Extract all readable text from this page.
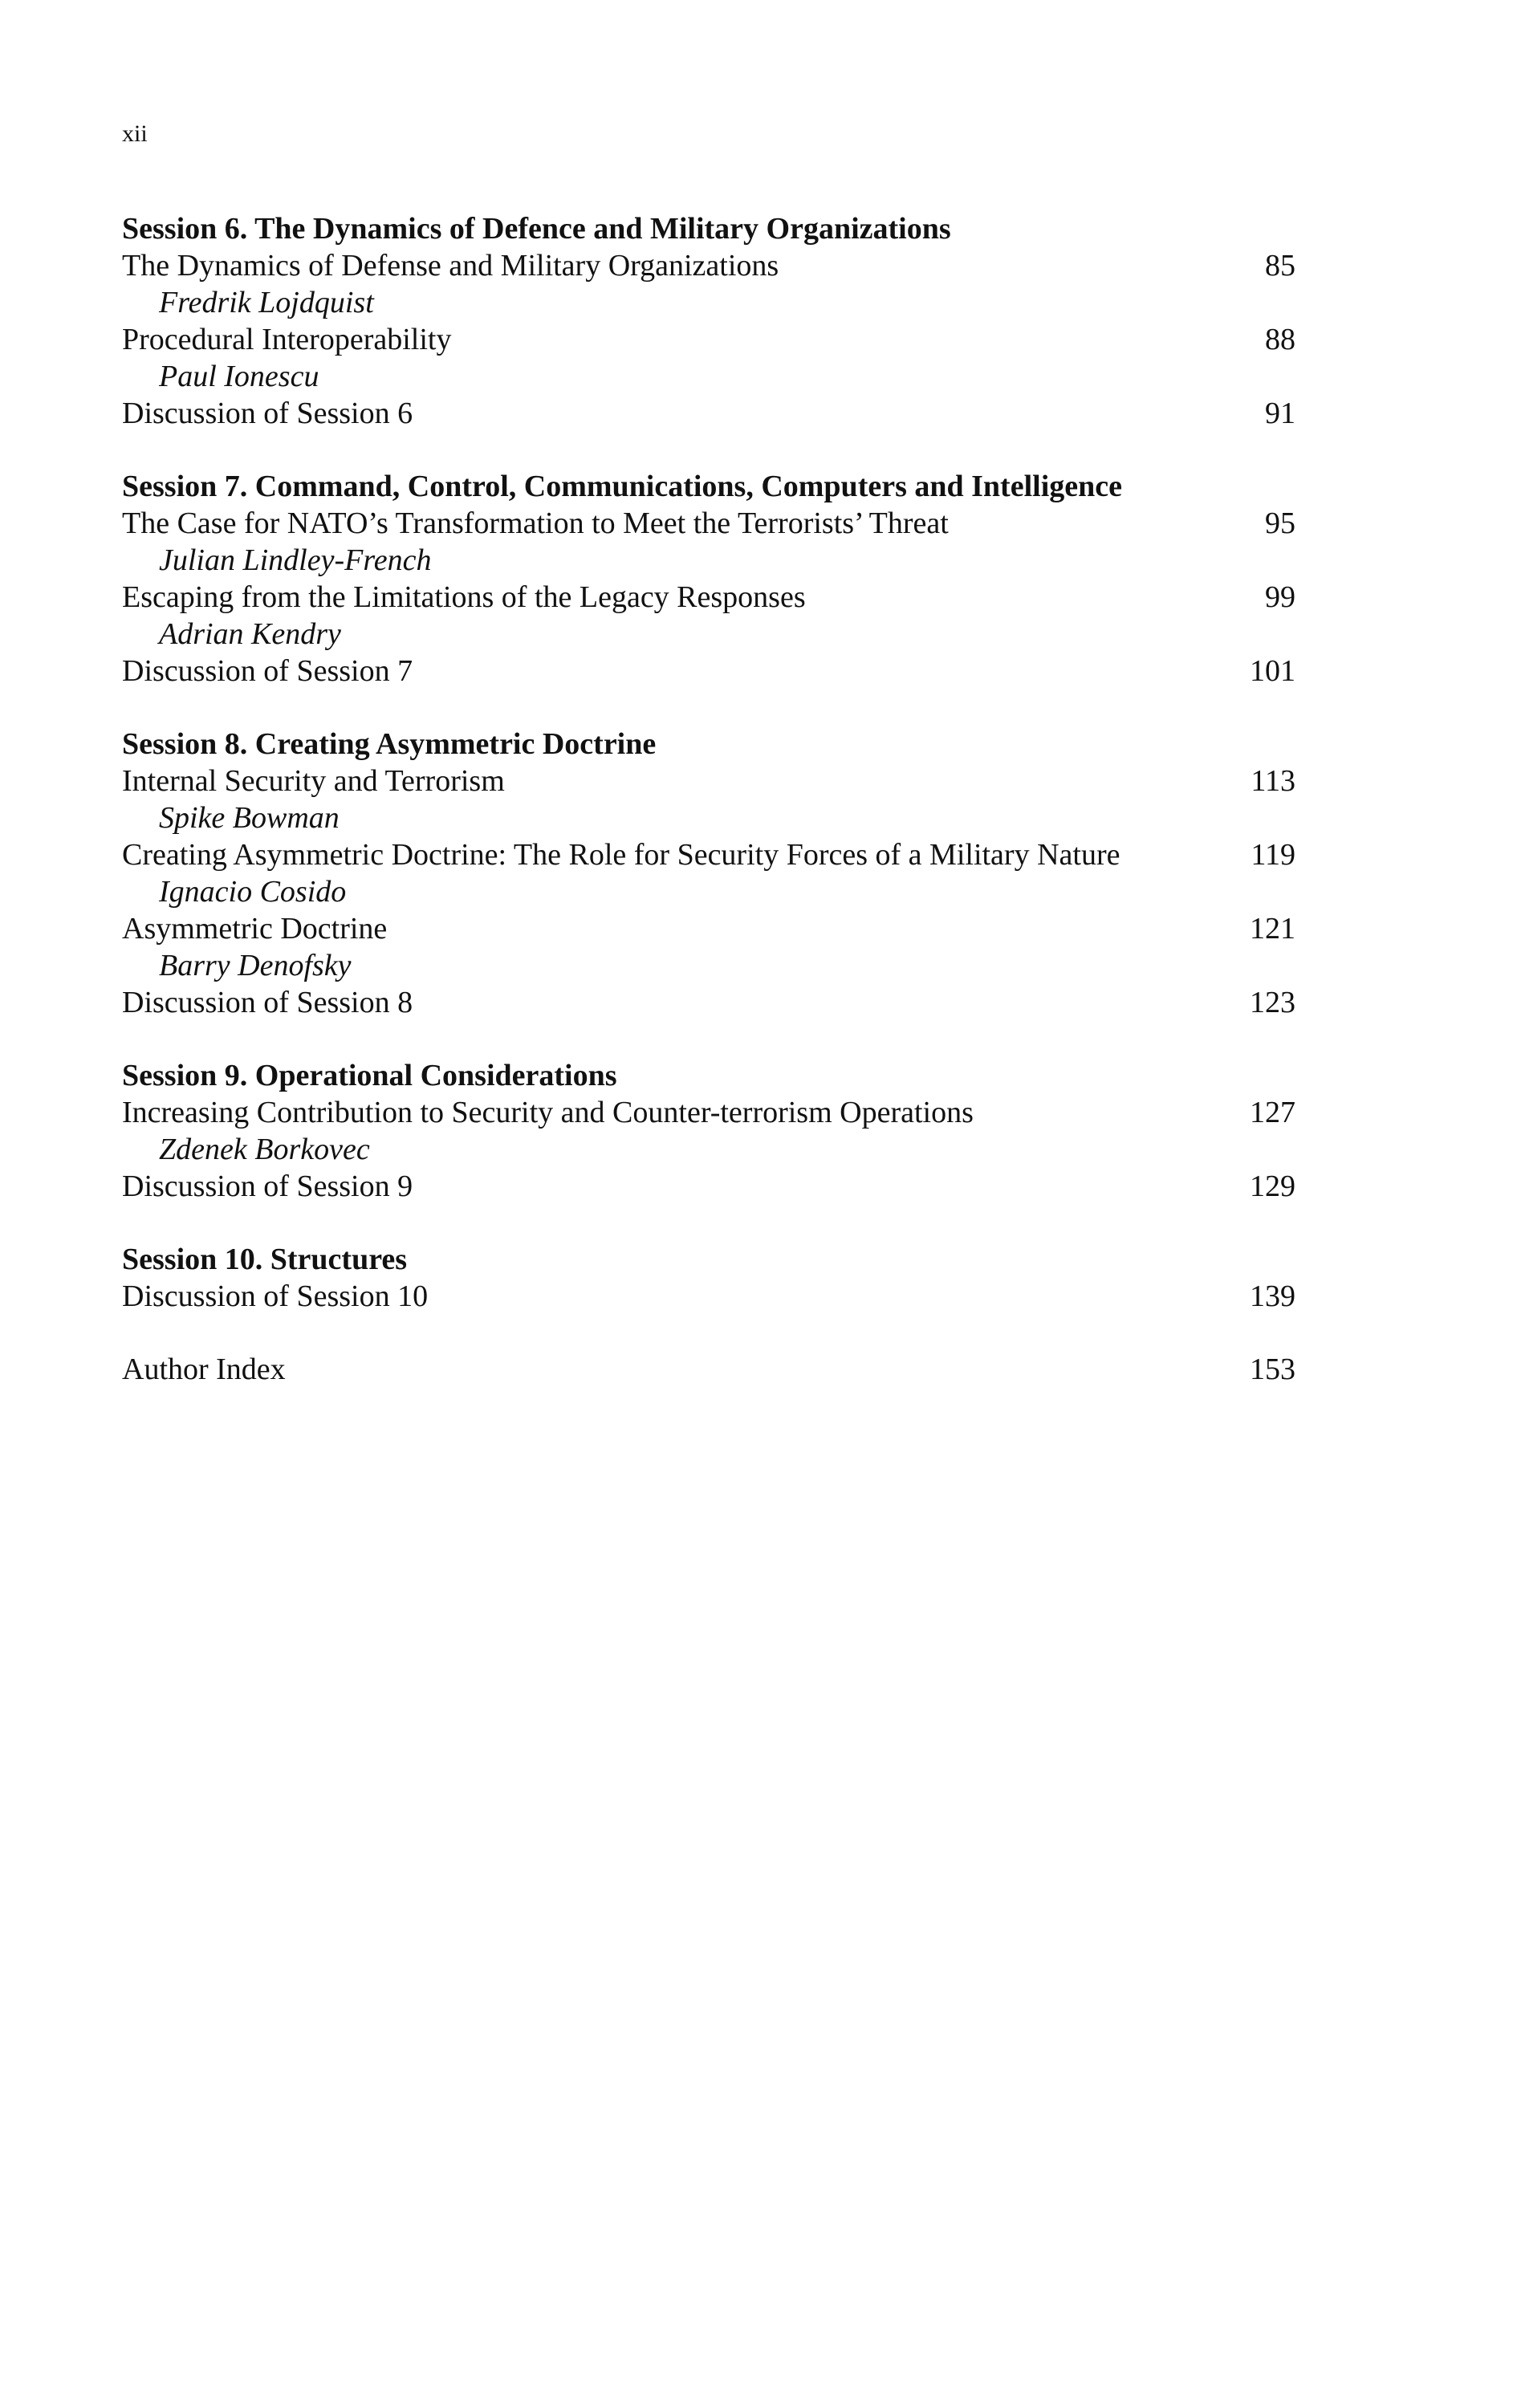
xii
Session 6. The Dynamics of Defence and Military Organizations
The Dynamics of Defense and Military Organizations	85
Fredrik Lojdquist
Procedural Interoperability	88
Paul Ionescu
Discussion of Session 6	91
Session 7. Command, Control, Communications, Computers and Intelligence
The Case for NATO’s Transformation to Meet the Terrorists’ Threat	95
Julian Lindley-French
Escaping from the Limitations of the Legacy Responses	99
Adrian Kendry
Discussion of Session 7	101
Session 8. Creating Asymmetric Doctrine
Internal Security and Terrorism	113
Spike Bowman
Creating Asymmetric Doctrine: The Role for Security Forces of a Military Nature	119
Ignacio Cosido
Asymmetric Doctrine	121
Barry Denofsky
Discussion of Session 8	123
Session 9. Operational Considerations
Increasing Contribution to Security and Counter-terrorism Operations	127
Zdenek Borkovec
Discussion of Session 9	129
Session 10. Structures
Discussion of Session 10	139
Author Index	153
